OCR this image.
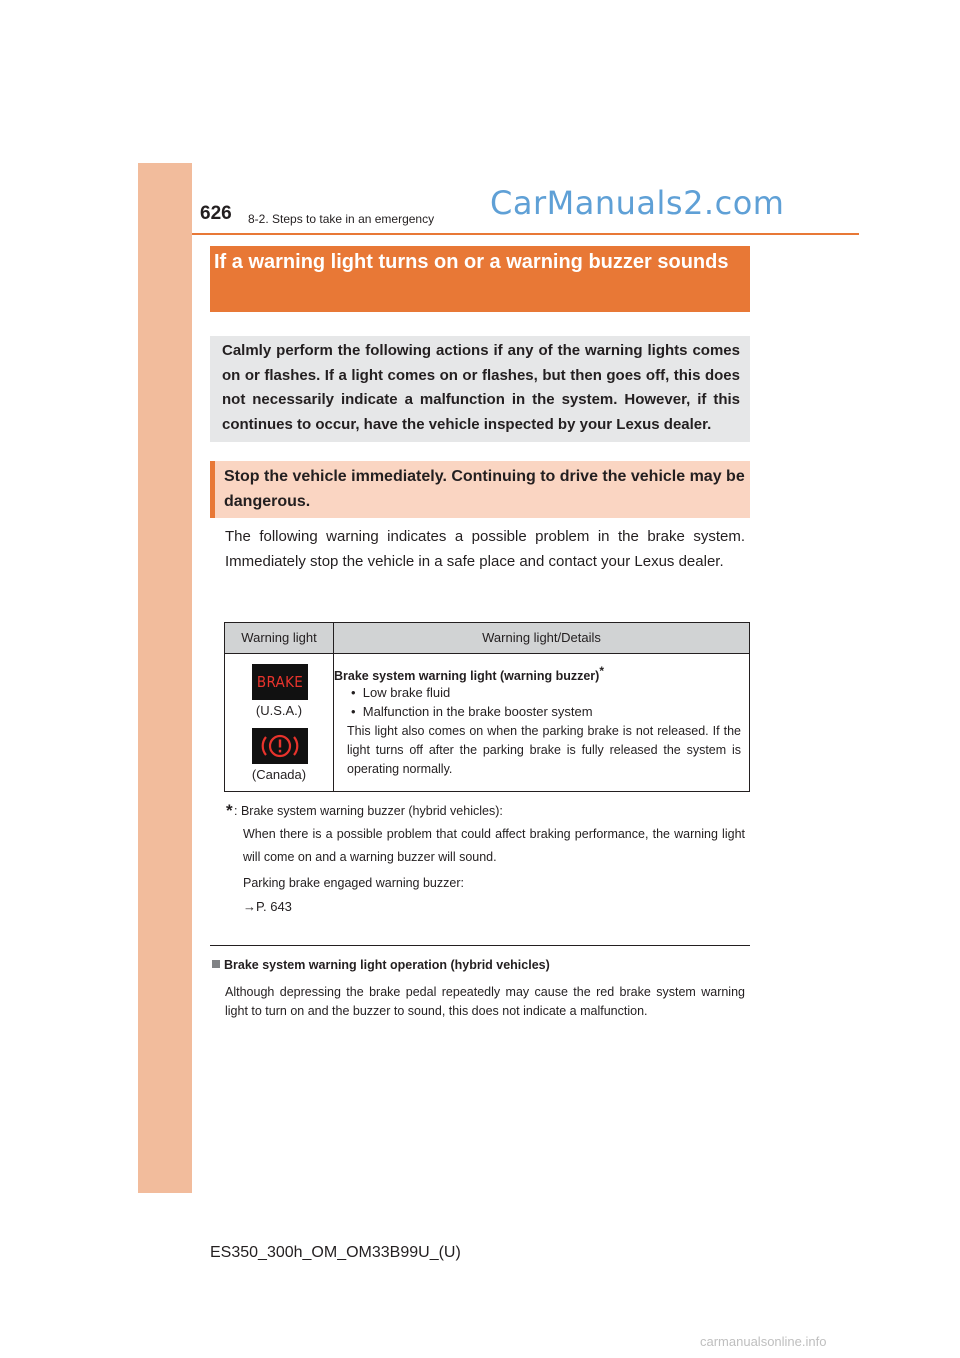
626 8-2. Steps to take in an emergency CarManuals2.com
If a warning light turns on or a warning buzzer sounds
Calmly perform the following actions if any of the warning lights comes on or flashes. If a light comes on or flashes, but then goes off, this does not necessarily indicate a malfunction in the system. However, if this continues to occur, have the vehicle inspected by your Lexus dealer.
Stop the vehicle immediately. Continuing to drive the vehicle may be dangerous.
The following warning indicates a possible problem in the brake system. Immediately stop the vehicle in a safe place and contact your Lexus dealer.
Warning light	Warning light/Details
BRAKE
(U.S.A.)
(Canada)
Brake system warning light (warning buzzer)*
• Low brake fluid
• Malfunction in the brake booster system
This light also comes on when the parking brake is not released. If the light turns off after the parking brake is fully released the system is operating normally.
* : Brake system warning buzzer (hybrid vehicles):
When there is a possible problem that could affect braking performance, the warning light will come on and a warning buzzer will sound.
Parking brake engaged warning buzzer:
→P. 643
Brake system warning light operation (hybrid vehicles)
Although depressing the brake pedal repeatedly may cause the red brake system warning light to turn on and the buzzer to sound, this does not indicate a malfunction.
ES350_300h_OM_OM33B99U_(U)
carmanualsonline.info
